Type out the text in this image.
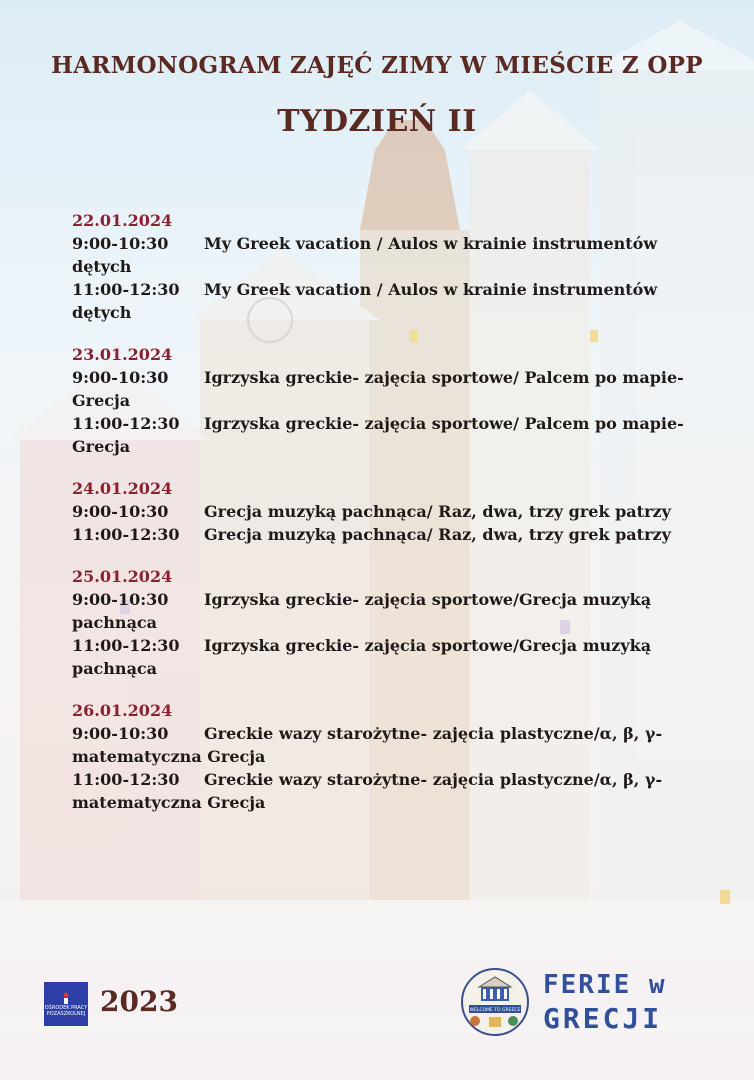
HARMONOGRAM ZAJĘĆ ZIMY W MIEŚCIE Z OPP
TYDZIEŃ II
22.01.2024
9:00-10:30 My Greek vacation / Aulos w krainie instrumentów dętych
11:00-12:30 My Greek vacation / Aulos w krainie instrumentów dętych
23.01.2024
9:00-10:30 Igrzyska greckie- zajęcia sportowe/ Palcem po mapie- Grecja
11:00-12:30 Igrzyska greckie- zajęcia sportowe/ Palcem po mapie- Grecja
24.01.2024
9:00-10:30 Grecja muzyką pachnąca/ Raz, dwa, trzy grek patrzy
11:00-12:30 Grecja muzyką pachnąca/ Raz, dwa, trzy grek patrzy
25.01.2024
9:00-10:30 Igrzyska greckie- zajęcia sportowe/Grecja muzyką pachnąca
11:00-12:30 Igrzyska greckie- zajęcia sportowe/Grecja muzyką pachnąca
26.01.2024
9:00-10:30 Greckie wazy starożytne- zajęcia plastyczne/α, β, γ- matematyczna Grecja
11:00-12:30 Greckie wazy starożytne- zajęcia plastyczne/α, β, γ- matematyczna Grecja
OŚRODEK PRACY POZASZKOLNEJ 2023	WELCOME TO GREECE
FERIE w
GRECJI
